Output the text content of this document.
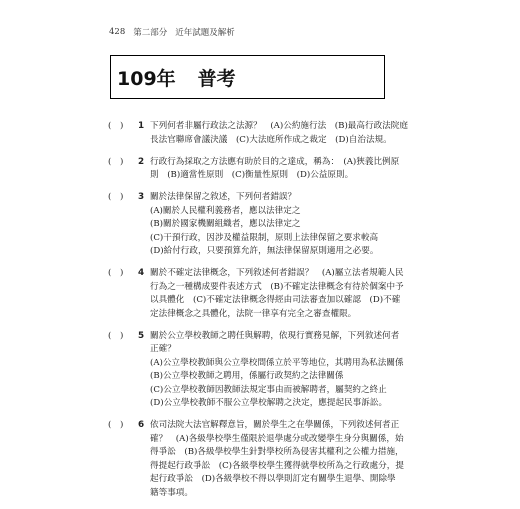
428 第二部分 近年試題及解析
109年 普考
(　)	1 下列何者非屬行政法之法源？　(A)公約施行法　(B)最高行政法院庭
長法官聯席會議決議　(C)大法庭所作成之裁定　(D)自治法規。
(　)	2 行政行為採取之方法應有助於目的之達成，稱為：　(A)狹義比例原
則　(B)適當性原則　(C)衡量性原則　(D)公益原則。
(　)	3 關於法律保留之敘述，下列何者錯誤？
(A)關於人民權利義務者，應以法律定之
(B)關於國家機關組織者，應以法律定之
(C)干預行政，因涉及權益限制，原則上法律保留之要求較高
(D)給付行政，只要預算允許，無法律保留原則適用之必要。
(　)	4 關於不確定法律概念，下列敘述何者錯誤？　(A)屬立法者規範人民
行為之一種構成要件表述方式　(B)不確定法律概念有待於個案中予
以具體化　(C)不確定法律概念得經由司法審查加以確認　(D)不確
定法律概念之具體化，法院一律享有完全之審查權限。
(　)	5 關於公立學校教師之聘任與解聘，依現行實務見解，下列敘述何者
正確？
(A)公立學校教師與公立學校間係立於平等地位，其聘用為私法關係
(B)公立學校教師之聘用，係屬行政契約之法律關係
(C)公立學校教師因教師法規定事由而被解聘者，屬契約之終止
(D)公立學校教師不服公立學校解聘之決定，應提起民事訴訟。
(　)	6 依司法院大法官解釋意旨，關於學生之在學關係，下列敘述何者正
確？　(A)各級學校學生僅限於退學處分或改變學生身分與關係，始
得爭訟　(B)各級學校學生針對學校所為侵害其權利之公權力措施，
得提起行政爭訟　(C)各級學校學生獲得就學校所為之行政處分，提
起行政爭訟　(D)各級學校不得以學則訂定有關學生退學、開除學
籍等事項。
